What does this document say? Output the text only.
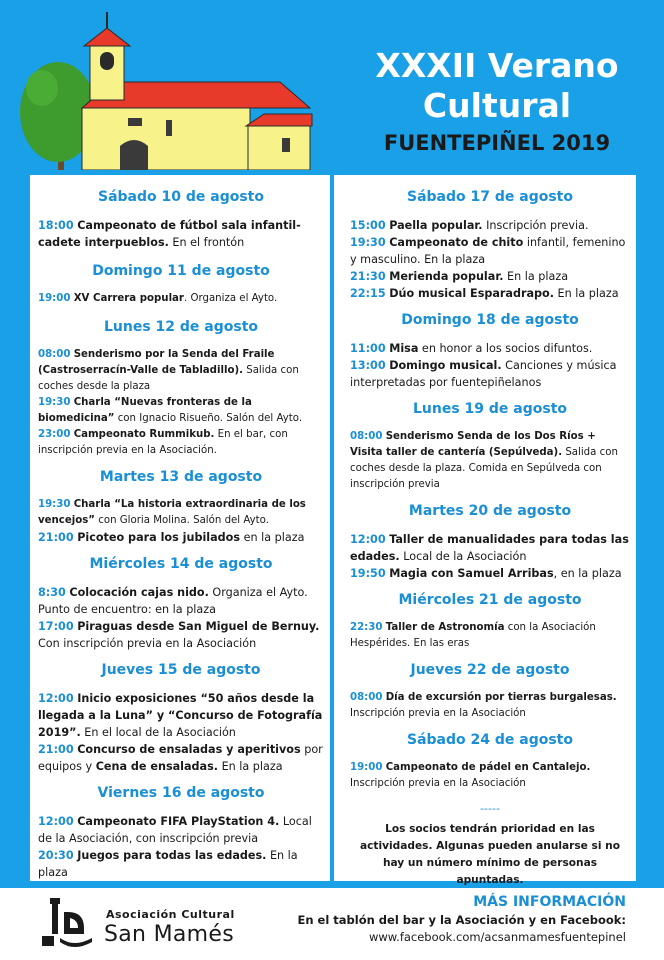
XXXII Verano
Cultural
FUENTEPIÑEL 2019
Sábado 10 de agosto
18:00 Campeonato de fútbol sala infantil-cadete interpueblos. En el frontón
Domingo 11 de agosto
19:00 XV Carrera popular. Organiza el Ayto.
Lunes 12 de agosto
08:00 Senderismo por la Senda del Fraile (Castroserracín-Valle de Tabladillo). Salida con coches desde la plaza
19:30 Charla “Nuevas fronteras de la biomedicina” con Ignacio Risueño. Salón del Ayto.
23:00 Campeonato Rummikub. En el bar, con inscripción previa en la Asociación.
Martes 13 de agosto
19:30 Charla “La historia extraordinaria de los vencejos” con Gloria Molina. Salón del Ayto.
21:00 Picoteo para los jubilados en la plaza
Miércoles 14 de agosto
8:30 Colocación cajas nido. Organiza el Ayto. Punto de encuentro: en la plaza
17:00 Piraguas desde San Miguel de Bernuy. Con inscripción previa en la Asociación
Jueves 15 de agosto
12:00 Inicio exposiciones “50 años desde la llegada a la Luna” y “Concurso de Fotografía 2019”. En el local de la Asociación
21:00 Concurso de ensaladas y aperitivos por equipos y Cena de ensaladas. En la plaza
Viernes 16 de agosto
12:00 Campeonato FIFA PlayStation 4. Local de la Asociación, con inscripción previa
20:30 Juegos para todas las edades. En la plaza
Sábado 17 de agosto
15:00 Paella popular. Inscripción previa.
19:30 Campeonato de chito infantil, femenino y masculino. En la plaza
21:30 Merienda popular. En la plaza
22:15 Dúo musical Esparadrapo. En la plaza
Domingo 18 de agosto
11:00 Misa en honor a los socios difuntos.
13:00 Domingo musical. Canciones y música interpretadas por fuentepiñelanos
Lunes 19 de agosto
08:00 Senderismo Senda de los Dos Ríos + Visita taller de cantería (Sepúlveda). Salida con coches desde la plaza. Comida en Sepúlveda con inscripción previa
Martes 20 de agosto
12:00 Taller de manualidades para todas las edades. Local de la Asociación
19:50 Magia con Samuel Arribas, en la plaza
Miércoles 21 de agosto
22:30 Taller de Astronomía con la Asociación Hespérides. En las eras
Jueves 22 de agosto
08:00 Día de excursión por tierras burgalesas. Inscripción previa en la Asociación
Sábado 24 de agosto
19:00 Campeonato de pádel en Cantalejo. Inscripción previa en la Asociación
-----
Los socios tendrán prioridad en las actividades. Algunas pueden anularse si no hay un número mínimo de personas apuntadas.
Asociación Cultural
San Mamés
MÁS INFORMACIÓN
En el tablón del bar y la Asociación y en Facebook:
www.facebook.com/acsanmamesfuentepinel
